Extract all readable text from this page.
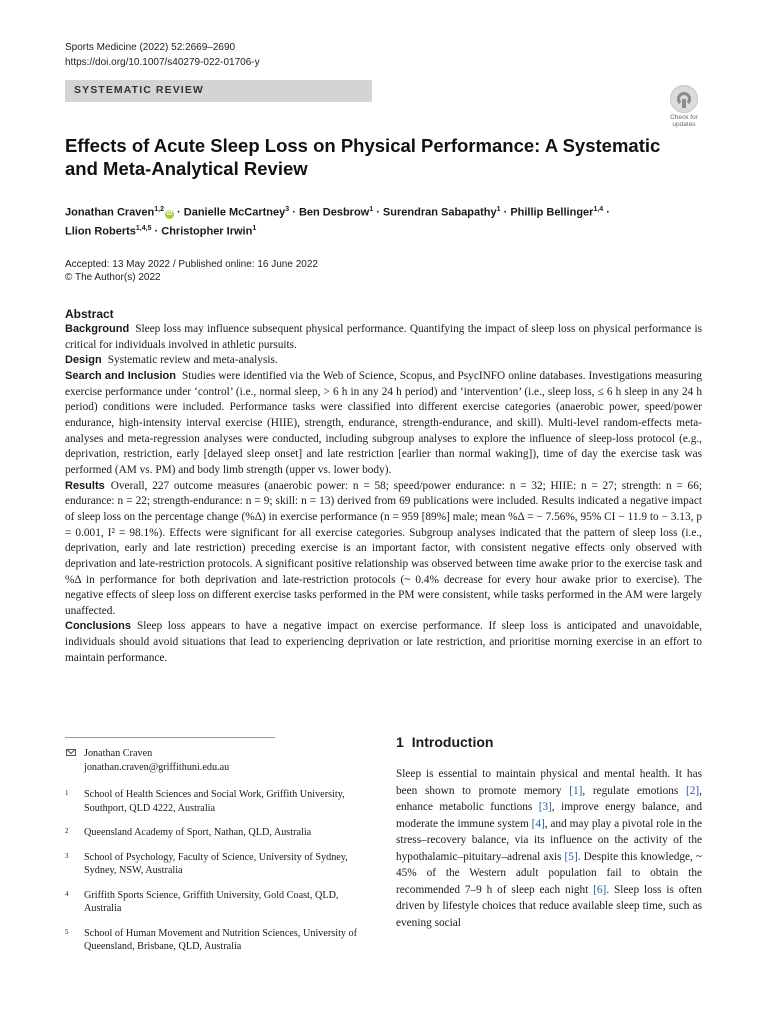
Sports Medicine (2022) 52:2669–2690
https://doi.org/10.1007/s40279-022-01706-y
SYSTEMATIC REVIEW
Check for
updates
Effects of Acute Sleep Loss on Physical Performance: A Systematic
and Meta-Analytical Review
Jonathan Craven$^{1,2}$iD · Danielle McCartney$^3$ · Ben Desbrow$^1$ · Surendran Sabapathy$^1$ · Phillip Bellinger$^{1,4}$ ·
Llion Roberts$^{1,4,5}$ · Christopher Irwin$^1$
Accepted: 13 May 2022 / Published online: 16 June 2022
© The Author(s) 2022
Abstract

Background Sleep loss may influence subsequent physical performance. Quantifying the impact of sleep loss on physical performance is critical for individuals involved in athletic pursuits.

Design Systematic review and meta-analysis.

Search and Inclusion Studies were identified via the Web of Science, Scopus, and PsycINFO online databases. Investigations measuring exercise performance under ‘control’ (i.e., normal sleep, > 6 h in any 24 h period) and ‘intervention’ (i.e., sleep loss, ≤ 6 h sleep in any 24 h period) conditions were included. Performance tasks were classified into different exercise categories (anaerobic power, speed/power endurance, high-intensity interval exercise (HIIE), strength, endurance, strength-endurance, and skill). Multi-level random-effects meta-analyses and meta-regression analyses were conducted, including subgroup analyses to explore the influence of sleep-loss protocol (e.g., deprivation, restriction, early [delayed sleep onset] and late restriction [earlier than normal waking]), time of day the exercise task was performed (AM vs. PM) and body limb strength (upper vs. lower body).

Results Overall, 227 outcome measures (anaerobic power: n = 58; speed/power endurance: n = 32; HIIE: n = 27; strength: n = 66; endurance: n = 22; strength-endurance: n = 9; skill: n = 13) derived from 69 publications were included. Results indicated a negative impact of sleep loss on the percentage change (%Δ) in exercise performance (n = 959 [89%] male; mean %Δ = − 7.56%, 95% CI − 11.9 to − 3.13, p = 0.001, I² = 98.1%). Effects were significant for all exercise categories. Subgroup analyses indicated that the pattern of sleep loss (i.e., deprivation, early and late restriction) preceding exercise is an important factor, with consistent negative effects only observed with deprivation and late-restriction protocols. A significant positive relationship was observed between time awake prior to the exercise task and %Δ in performance for both deprivation and late-restriction protocols (~ 0.4% decrease for every hour awake prior to exercise). The negative effects of sleep loss on different exercise tasks performed in the PM were consistent, while tasks performed in the AM were largely unaffected.

Conclusions Sleep loss appears to have a negative impact on exercise performance. If sleep loss is anticipated and unavoidable, individuals should avoid situations that lead to experiencing deprivation or late restriction, and prioritise morning exercise in an effort to maintain performance.

Jonathan Craven
jonathan.craven@griffithuni.edu.au
1 School of Health Sciences and Social Work, Griffith University, Southport, QLD 4222, Australia
2 Queensland Academy of Sport, Nathan, QLD, Australia
3 School of Psychology, Faculty of Science, University of Sydney, Sydney, NSW, Australia
4 Griffith Sports Science, Griffith University, Gold Coast, QLD, Australia
5 School of Human Movement and Nutrition Sciences, University of Queensland, Brisbane, QLD, Australia
1 Introduction

Sleep is essential to maintain physical and mental health. It has been shown to promote memory [1], regulate emotions [2], enhance metabolic functions [3], improve energy balance, and moderate the immune system [4], and may play a pivotal role in the stress–recovery balance, via its influence on the activity of the hypothalamic–pituitary–adrenal axis [5]. Despite this knowledge, ~ 45% of the Western adult population fail to obtain the recommended 7–9 h of sleep each night [6]. Sleep loss is often driven by lifestyle choices that reduce available sleep time, such as evening social
